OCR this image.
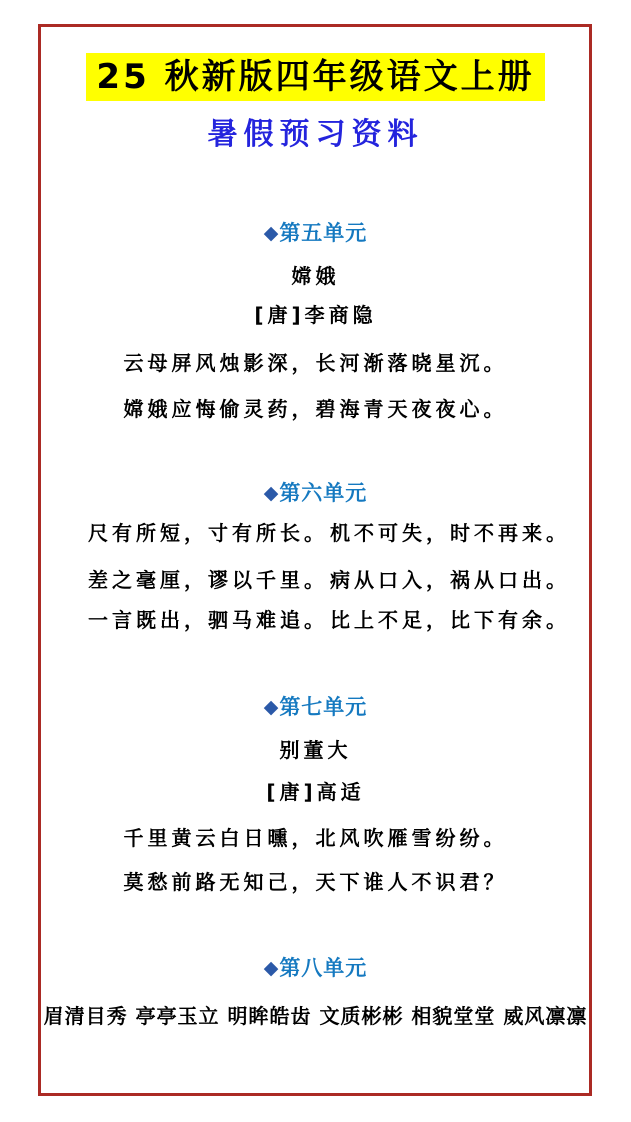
25 秋新版四年级语文上册
暑假预习资料
◆第五单元
嫦娥
[唐]李商隐
云母屏风烛影深，长河渐落晓星沉。
嫦娥应悔偷灵药，碧海青天夜夜心。
◆第六单元
尺有所短，寸有所长。 机不可失，时不再来。
差之毫厘，谬以千里。 病从口入，祸从口出。
一言既出，驷马难追。 比上不足，比下有余。
◆第七单元
别董大
[唐]高适
千里黄云白日曛，北风吹雁雪纷纷。
莫愁前路无知己，天下谁人不识君？
◆第八单元
眉清目秀 亭亭玉立 明眸皓齿 文质彬彬 相貌堂堂 威风凛凛
